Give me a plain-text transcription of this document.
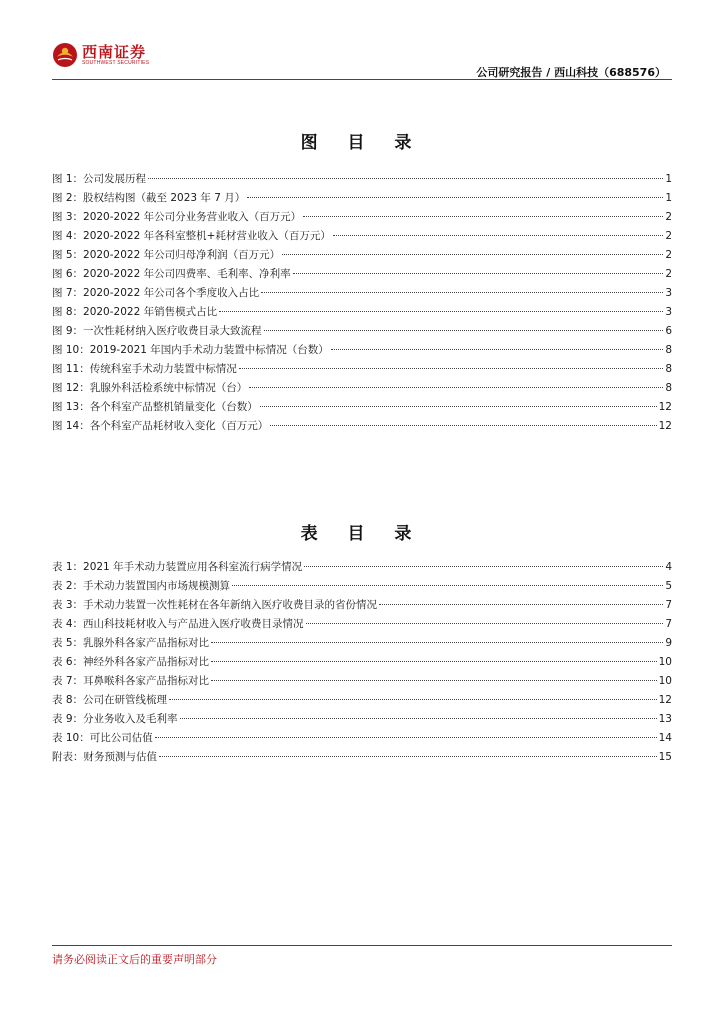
西南证券
SOUTHWEST SECURITIES
公司研究报告 / 西山科技（688576）
图 目 录
图 1：公司发展历程	1
图 2：股权结构图（截至 2023 年 7 月）	1
图 3：2020-2022 年公司分业务营业收入（百万元）	2
图 4：2020-2022 年各科室整机+耗材营业收入（百万元）	2
图 5：2020-2022 年公司归母净利润（百万元）	2
图 6：2020-2022 年公司四费率、毛利率、净利率	2
图 7：2020-2022 年公司各个季度收入占比	3
图 8：2020-2022 年销售模式占比	3
图 9：一次性耗材纳入医疗收费目录大致流程	6
图 10：2019-2021 年国内手术动力装置中标情况（台数）	8
图 11：传统科室手术动力装置中标情况	8
图 12：乳腺外科活检系统中标情况（台）	8
图 13：各个科室产品整机销量变化（台数）	12
图 14：各个科室产品耗材收入变化（百万元）	12
表 目 录
表 1：2021 年手术动力装置应用各科室流行病学情况	4
表 2：手术动力装置国内市场规模测算	5
表 3：手术动力装置一次性耗材在各年新纳入医疗收费目录的省份情况	7
表 4：西山科技耗材收入与产品进入医疗收费目录情况	7
表 5：乳腺外科各家产品指标对比	9
表 6：神经外科各家产品指标对比	10
表 7：耳鼻喉科各家产品指标对比	10
表 8：公司在研管线梳理	12
表 9：分业务收入及毛利率	13
表 10：可比公司估值	14
附表：财务预测与估值	15
请务必阅读正文后的重要声明部分
